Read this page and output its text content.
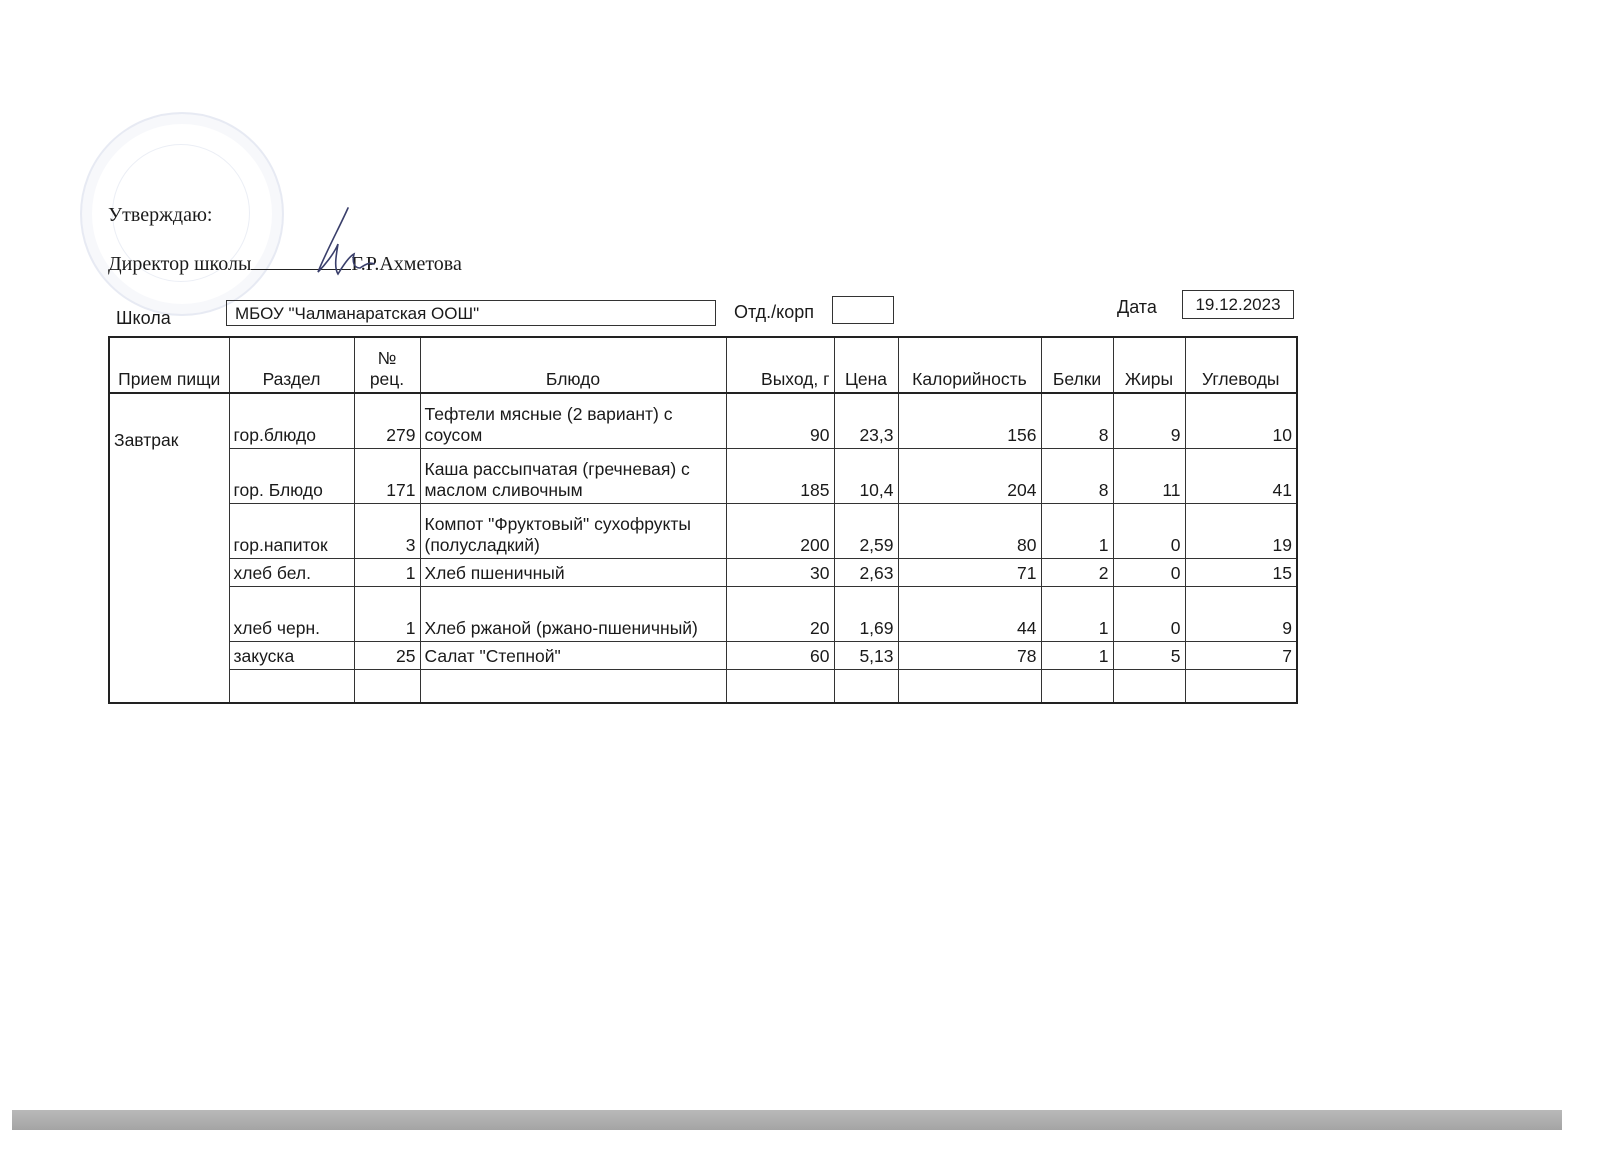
Утверждаю:
Директор школы	Г.Р.Ахметова
Школа	МБОУ "Чалманаратская ООШ"	Отд./корп	Дата	19.12.2023
Прием пищи	Раздел	№ рец.	Блюдо	Выход, г	Цена	Калорийность	Белки	Жиры	Углеводы
Завтрак	гор.блюдо	279	Тефтели мясные (2 вариант) с соусом	90	23,3	156	8	9	10
	гор. Блюдо	171	Каша рассыпчатая (гречневая) с маслом сливочным	185	10,4	204	8	11	41
	гор.напиток	3	Компот "Фруктовый" сухофрукты (полусладкий)	200	2,59	80	1	0	19
	хлеб бел.	1	Хлеб пшеничный	30	2,63	71	2	0	15
	хлеб черн.	1	Хлеб ржаной (ржано-пшеничный)	20	1,69	44	1	0	9
	закуска	25	Салат "Степной"	60	5,13	78	1	5	7
